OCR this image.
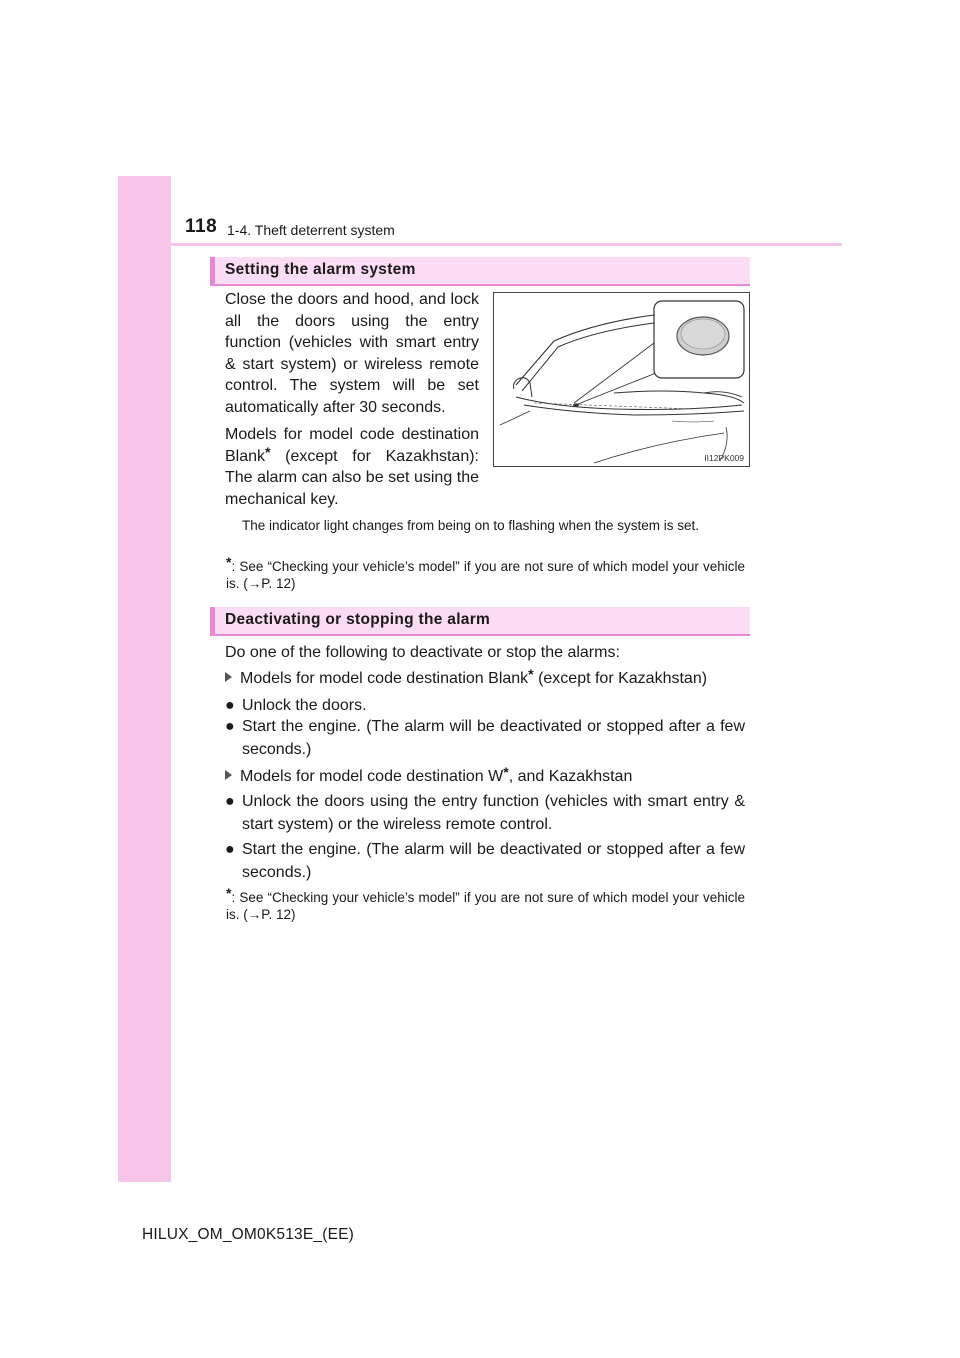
118 1-4. Theft deterrent system
Setting the alarm system
Close the doors and hood, and lock all the doors using the entry function (vehicles with smart entry & start system) or wireless remote control. The system will be set automatically after 30 seconds.
Models for model code destination Blank* (except for Kazakhstan): The alarm can also be set using the mechanical key.
II12PK009
The indicator light changes from being on to flashing when the system is set.
*: See “Checking your vehicle’s model” if you are not sure of which model your vehicle is. (→P. 12)
Deactivating or stopping the alarm
Do one of the following to deactivate or stop the alarms:
Models for model code destination Blank* (except for Kazakhstan)
● Unlock the doors.
● Start the engine. (The alarm will be deactivated or stopped after a few seconds.)
Models for model code destination W*, and Kazakhstan
● Unlock the doors using the entry function (vehicles with smart entry & start system) or the wireless remote control.
● Start the engine. (The alarm will be deactivated or stopped after a few seconds.)
*: See “Checking your vehicle’s model” if you are not sure of which model your vehicle is. (→P. 12)
HILUX_OM_OM0K513E_(EE)
